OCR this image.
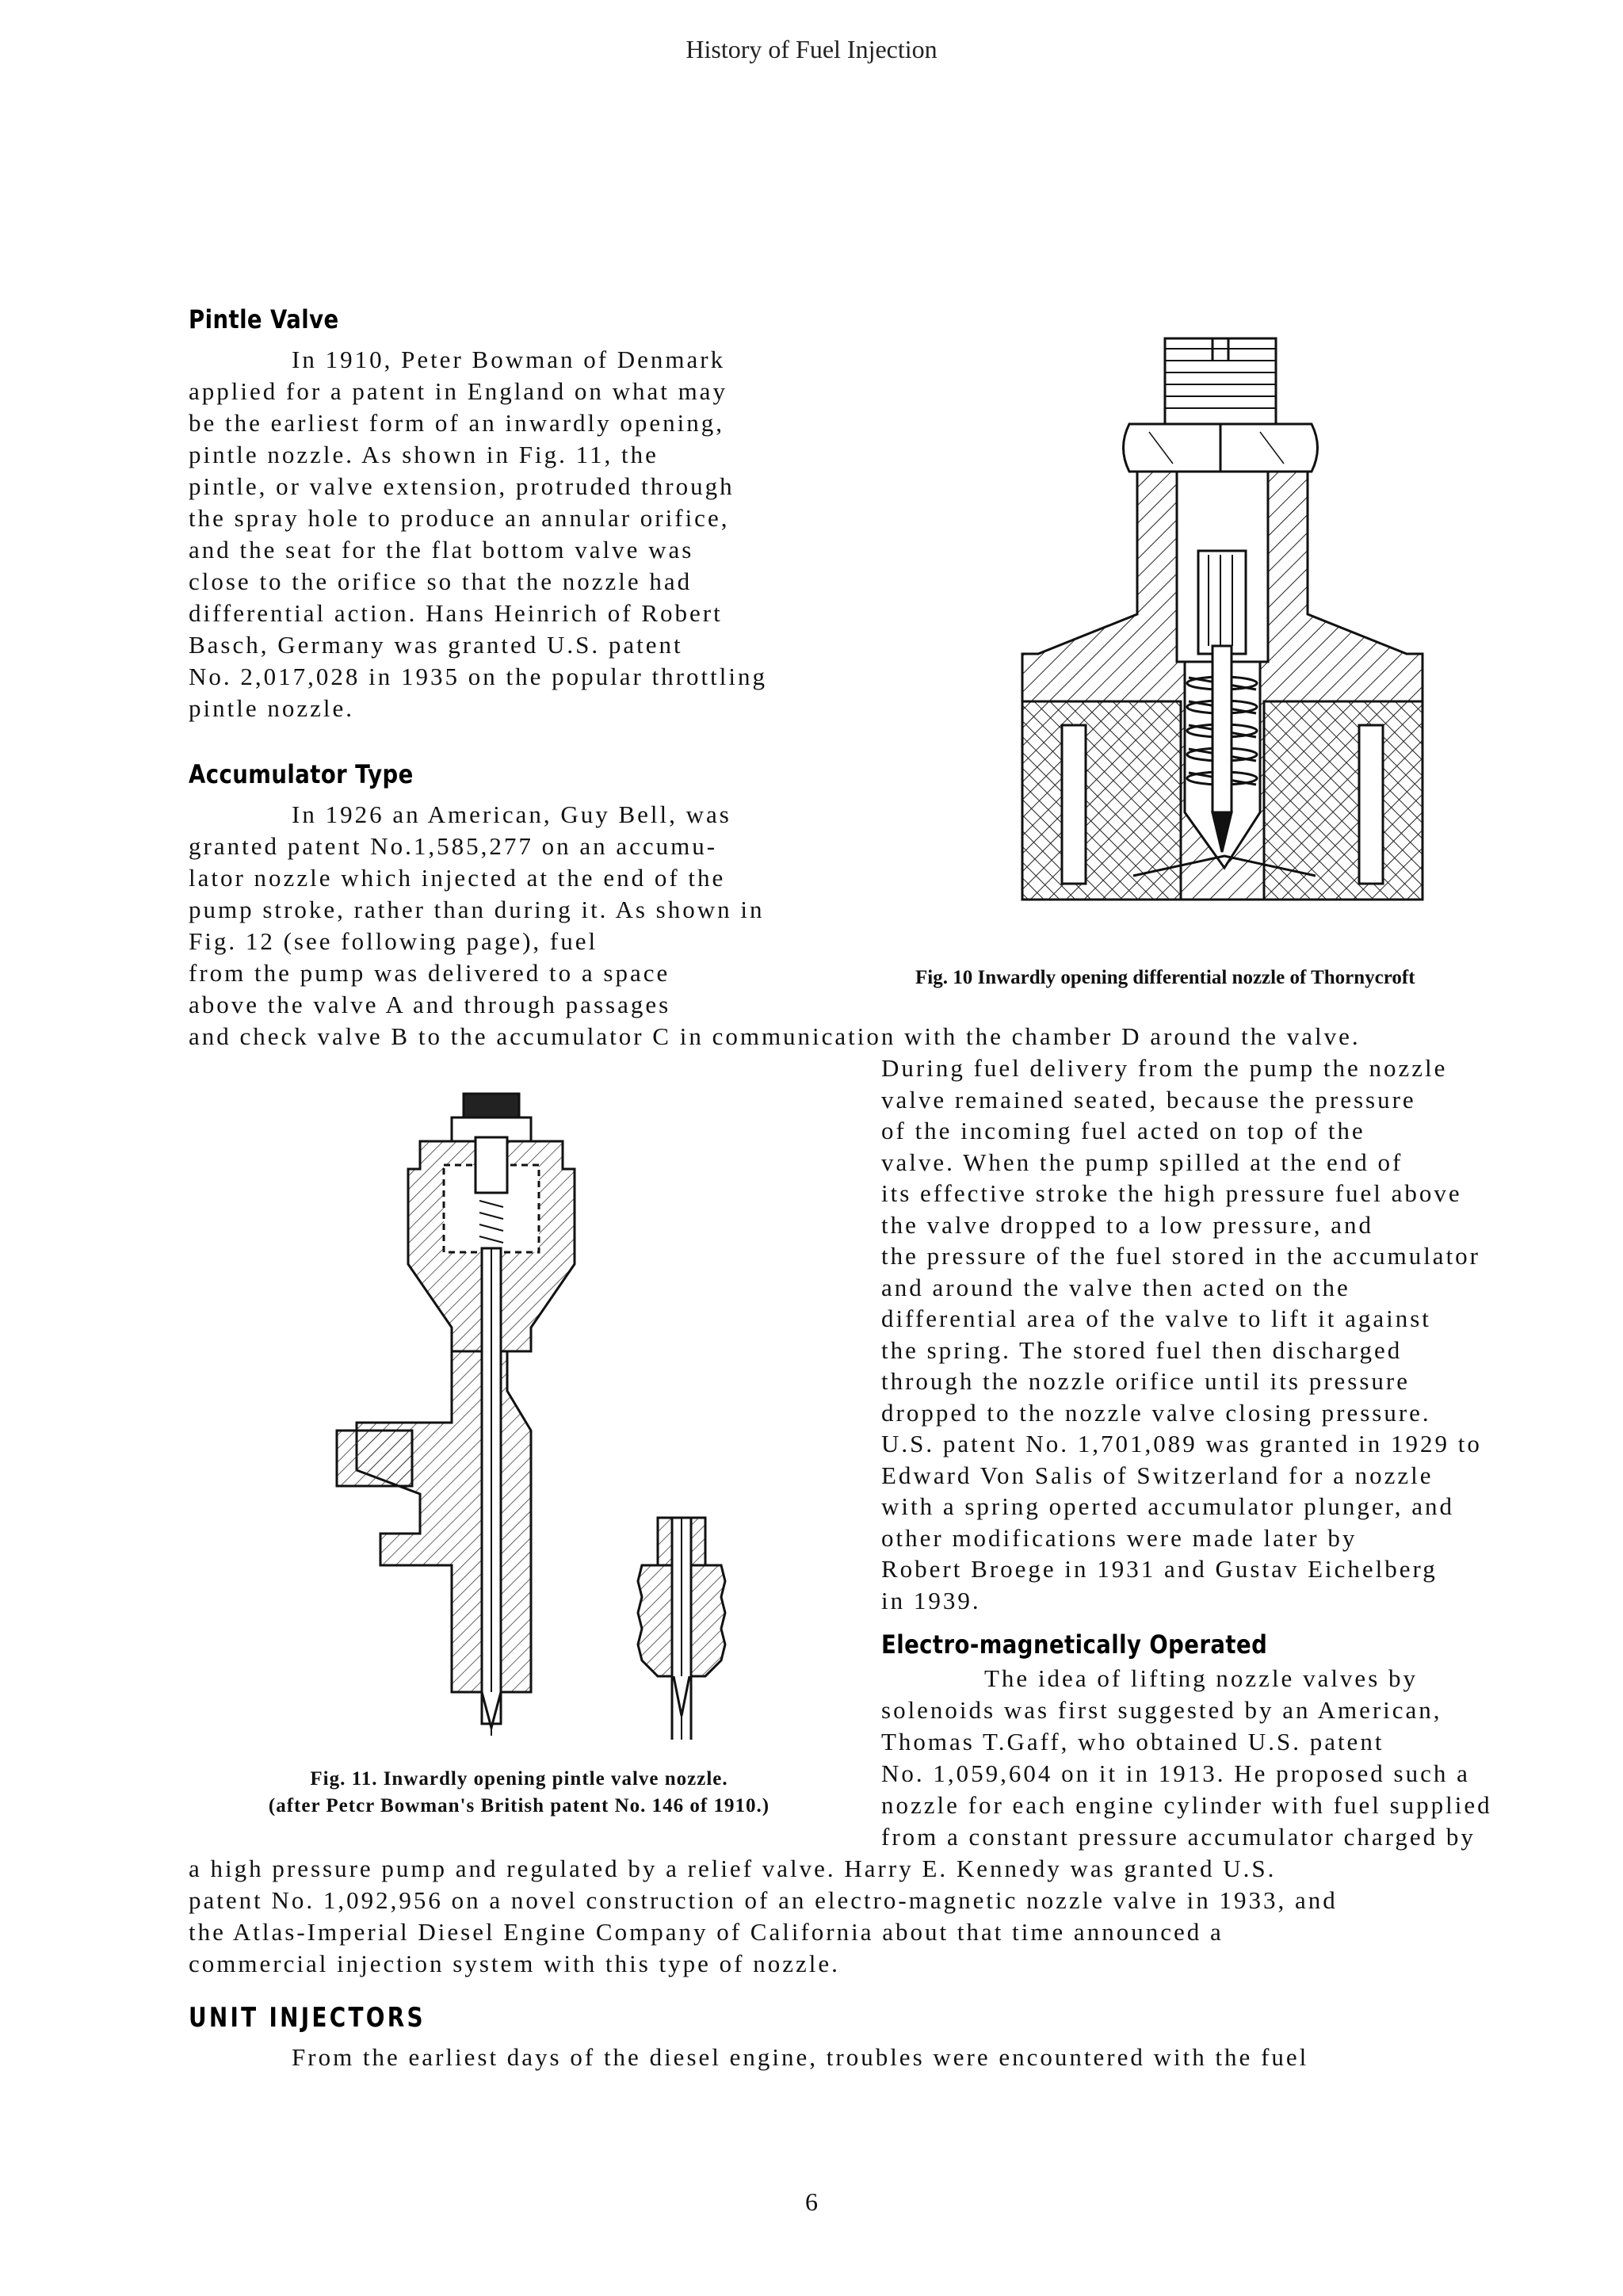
History of Fuel Injection
Pintle Valve

In 1910, Peter Bowman of Denmark

applied for a patent in England on what may

be the earliest form of an inwardly opening,

pintle nozzle. As shown in Fig. 11, the

pintle, or valve extension, protruded through

the spray hole to produce an annular orifice,

and the seat for the flat bottom valve was

close to the orifice so that the nozzle had

differential action. Hans Heinrich of Robert

Basch, Germany was granted U.S. patent

No. 2,017,028 in 1935 on the popular throttling

pintle nozzle.

Accumulator Type

In 1926 an American, Guy Bell, was

granted patent No.1,585,277 on an accumu-

lator nozzle which injected at the end of the

pump stroke, rather than during it. As shown in

Fig. 12 (see following page), fuel

from the pump was delivered to a space

above the valve A and through passages

and check valve B to the accumulator C in communication with the chamber D around the valve.

During fuel delivery from the pump the nozzle

valve remained seated, because the pressure

of the incoming fuel acted on top of the

valve. When the pump spilled at the end of

its effective stroke the high pressure fuel above

the valve dropped to a low pressure, and

the pressure of the fuel stored in the accumulator

and around the valve then acted on the

differential area of the valve to lift it against

the spring. The stored fuel then discharged

through the nozzle orifice until its pressure

dropped to the nozzle valve closing pressure.

U.S. patent No. 1,701,089 was granted in 1929 to

Edward Von Salis of Switzerland for a nozzle

with a spring operted accumulator plunger, and

other modifications were made later by

Robert Broege in 1931 and Gustav Eichelberg

in 1939.

Electro-magnetically Operated

The idea of lifting nozzle valves by

solenoids was first suggested by an American,

Thomas T.Gaff, who obtained U.S. patent

No. 1,059,604 on it in 1913. He proposed such a

nozzle for each engine cylinder with fuel supplied

from a constant pressure accumulator charged by

a high pressure pump and regulated by a relief valve. Harry E. Kennedy was granted U.S.

patent No. 1,092,956 on a novel construction of an electro-magnetic nozzle valve in 1933, and

the Atlas-Imperial Diesel Engine Company of California about that time announced a

commercial injection system with this type of nozzle.

UNIT INJECTORS

From the earliest days of the diesel engine, troubles were encountered with the fuel

Fig. 10 Inwardly opening differential nozzle of Thornycroft
Fig. 11. Inwardly opening pintle valve nozzle.
(after Petcr Bowman's British patent No. 146 of 1910.)
6
